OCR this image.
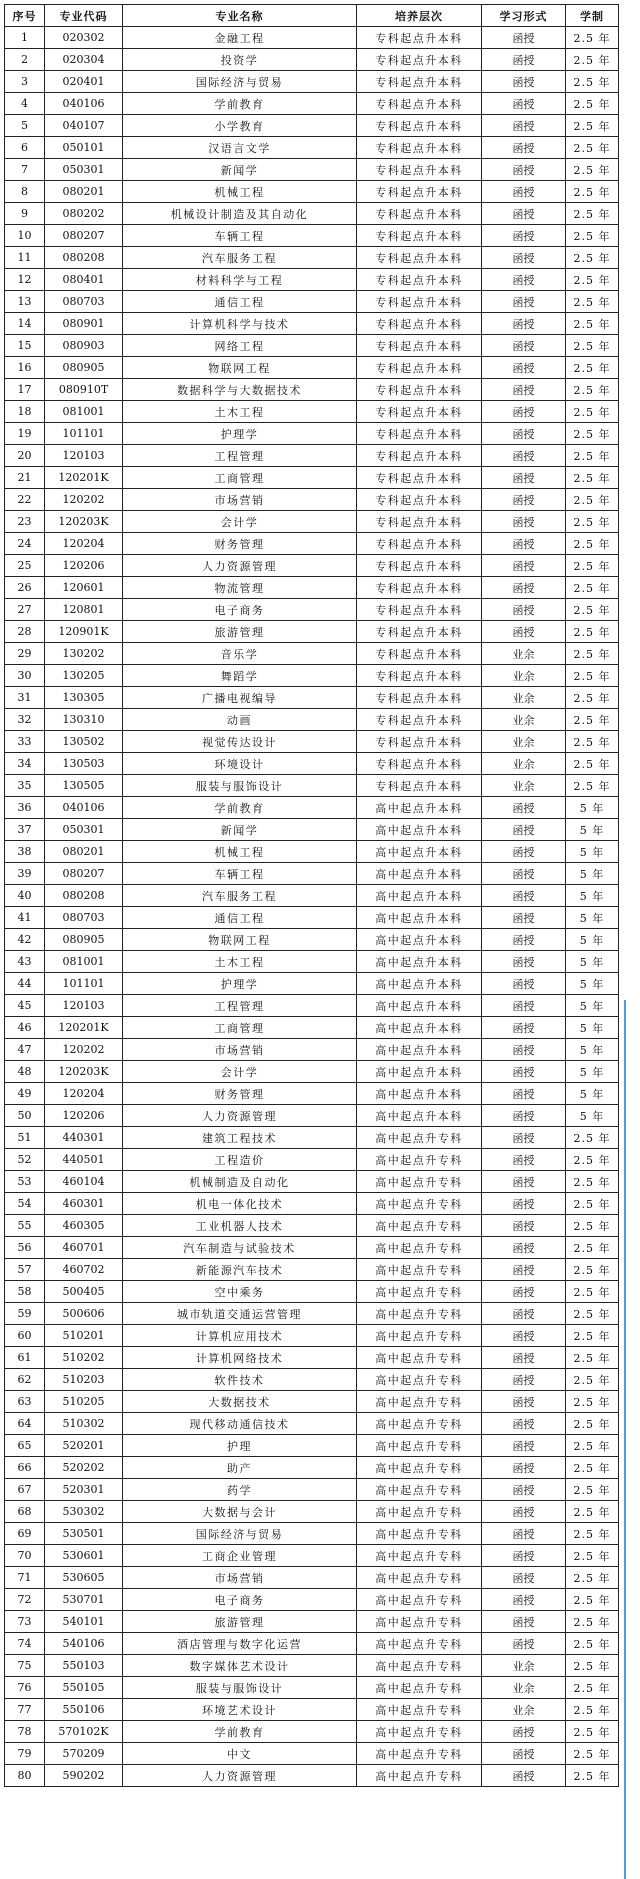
序号	专业代码	专业名称	培养层次	学习形式	学制
1	020302	金融工程	专科起点升本科	函授	2.5 年
2	020304	投资学	专科起点升本科	函授	2.5 年
3	020401	国际经济与贸易	专科起点升本科	函授	2.5 年
4	040106	学前教育	专科起点升本科	函授	2.5 年
5	040107	小学教育	专科起点升本科	函授	2.5 年
6	050101	汉语言文学	专科起点升本科	函授	2.5 年
7	050301	新闻学	专科起点升本科	函授	2.5 年
8	080201	机械工程	专科起点升本科	函授	2.5 年
9	080202	机械设计制造及其自动化	专科起点升本科	函授	2.5 年
10	080207	车辆工程	专科起点升本科	函授	2.5 年
11	080208	汽车服务工程	专科起点升本科	函授	2.5 年
12	080401	材料科学与工程	专科起点升本科	函授	2.5 年
13	080703	通信工程	专科起点升本科	函授	2.5 年
14	080901	计算机科学与技术	专科起点升本科	函授	2.5 年
15	080903	网络工程	专科起点升本科	函授	2.5 年
16	080905	物联网工程	专科起点升本科	函授	2.5 年
17	080910T	数据科学与大数据技术	专科起点升本科	函授	2.5 年
18	081001	土木工程	专科起点升本科	函授	2.5 年
19	101101	护理学	专科起点升本科	函授	2.5 年
20	120103	工程管理	专科起点升本科	函授	2.5 年
21	120201K	工商管理	专科起点升本科	函授	2.5 年
22	120202	市场营销	专科起点升本科	函授	2.5 年
23	120203K	会计学	专科起点升本科	函授	2.5 年
24	120204	财务管理	专科起点升本科	函授	2.5 年
25	120206	人力资源管理	专科起点升本科	函授	2.5 年
26	120601	物流管理	专科起点升本科	函授	2.5 年
27	120801	电子商务	专科起点升本科	函授	2.5 年
28	120901K	旅游管理	专科起点升本科	函授	2.5 年
29	130202	音乐学	专科起点升本科	业余	2.5 年
30	130205	舞蹈学	专科起点升本科	业余	2.5 年
31	130305	广播电视编导	专科起点升本科	业余	2.5 年
32	130310	动画	专科起点升本科	业余	2.5 年
33	130502	视觉传达设计	专科起点升本科	业余	2.5 年
34	130503	环境设计	专科起点升本科	业余	2.5 年
35	130505	服装与服饰设计	专科起点升本科	业余	2.5 年
36	040106	学前教育	高中起点升本科	函授	5 年
37	050301	新闻学	高中起点升本科	函授	5 年
38	080201	机械工程	高中起点升本科	函授	5 年
39	080207	车辆工程	高中起点升本科	函授	5 年
40	080208	汽车服务工程	高中起点升本科	函授	5 年
41	080703	通信工程	高中起点升本科	函授	5 年
42	080905	物联网工程	高中起点升本科	函授	5 年
43	081001	土木工程	高中起点升本科	函授	5 年
44	101101	护理学	高中起点升本科	函授	5 年
45	120103	工程管理	高中起点升本科	函授	5 年
46	120201K	工商管理	高中起点升本科	函授	5 年
47	120202	市场营销	高中起点升本科	函授	5 年
48	120203K	会计学	高中起点升本科	函授	5 年
49	120204	财务管理	高中起点升本科	函授	5 年
50	120206	人力资源管理	高中起点升本科	函授	5 年
51	440301	建筑工程技术	高中起点升专科	函授	2.5 年
52	440501	工程造价	高中起点升专科	函授	2.5 年
53	460104	机械制造及自动化	高中起点升专科	函授	2.5 年
54	460301	机电一体化技术	高中起点升专科	函授	2.5 年
55	460305	工业机器人技术	高中起点升专科	函授	2.5 年
56	460701	汽车制造与试验技术	高中起点升专科	函授	2.5 年
57	460702	新能源汽车技术	高中起点升专科	函授	2.5 年
58	500405	空中乘务	高中起点升专科	函授	2.5 年
59	500606	城市轨道交通运营管理	高中起点升专科	函授	2.5 年
60	510201	计算机应用技术	高中起点升专科	函授	2.5 年
61	510202	计算机网络技术	高中起点升专科	函授	2.5 年
62	510203	软件技术	高中起点升专科	函授	2.5 年
63	510205	大数据技术	高中起点升专科	函授	2.5 年
64	510302	现代移动通信技术	高中起点升专科	函授	2.5 年
65	520201	护理	高中起点升专科	函授	2.5 年
66	520202	助产	高中起点升专科	函授	2.5 年
67	520301	药学	高中起点升专科	函授	2.5 年
68	530302	大数据与会计	高中起点升专科	函授	2.5 年
69	530501	国际经济与贸易	高中起点升专科	函授	2.5 年
70	530601	工商企业管理	高中起点升专科	函授	2.5 年
71	530605	市场营销	高中起点升专科	函授	2.5 年
72	530701	电子商务	高中起点升专科	函授	2.5 年
73	540101	旅游管理	高中起点升专科	函授	2.5 年
74	540106	酒店管理与数字化运营	高中起点升专科	函授	2.5 年
75	550103	数字媒体艺术设计	高中起点升专科	业余	2.5 年
76	550105	服装与服饰设计	高中起点升专科	业余	2.5 年
77	550106	环境艺术设计	高中起点升专科	业余	2.5 年
78	570102K	学前教育	高中起点升专科	函授	2.5 年
79	570209	中文	高中起点升专科	函授	2.5 年
80	590202	人力资源管理	高中起点升专科	函授	2.5 年
